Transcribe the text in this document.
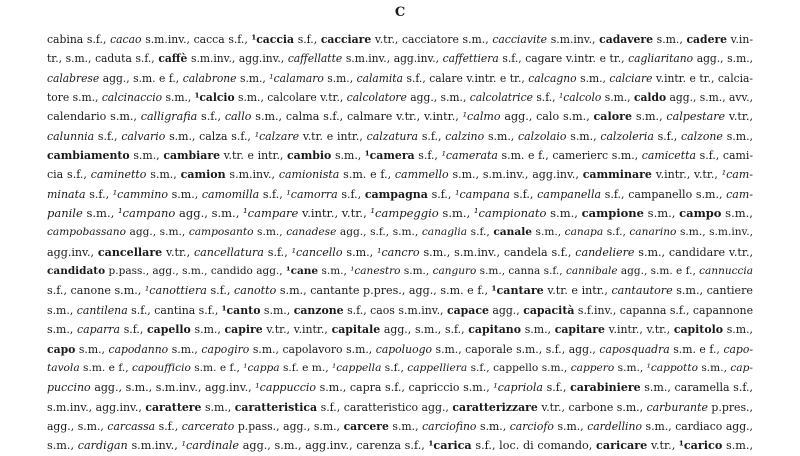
C
cabina s.f., cacao s.m.inv., cacca s.f., ¹caccia s.f., cacciare v.tr., cacciatore s.m., cacciavite s.m.inv., cadavere s.m., cadere v.in-
tr., s.m., caduta s.f., caffè s.m.inv., agg.inv., caffellatte s.m.inv., agg.inv., caffettiera s.f., cagare v.intr. e tr., cagliaritano agg., s.m.,
calabrese agg., s.m. e f., calabrone s.m., ¹calamaro s.m., calamita s.f., calare v.intr. e tr., calcagno s.m., calciare v.intr. e tr., calcia-
tore s.m., calcinaccio s.m., ¹calcio s.m., calcolare v.tr., calcolatore agg., s.m., calcolatrice s.f., ¹calcolo s.m., caldo agg., s.m., avv.,
calendario s.m., calligrafia s.f., callo s.m., calma s.f., calmare v.tr., v.intr., ¹calmo agg., calo s.m., calore s.m., calpestare v.tr.,
calunnia s.f., calvario s.m., calza s.f., ¹calzare v.tr. e intr., calzatura s.f., calzino s.m., calzolaio s.m., calzoleria s.f., calzone s.m.,
cambiamento s.m., cambiare v.tr. e intr., cambio s.m., ¹camera s.f., ¹camerata s.m. e f., camerierc s.m., camicetta s.f., cami-
cia s.f., caminetto s.m., camion s.m.inv., camionista s.m. e f., cammello s.m., s.m.inv., agg.inv., camminare v.intr., v.tr., ¹cam-
minata s.f., ¹cammino s.m., camomilla s.f., ¹camorra s.f., campagna s.f., ¹campana s.f., campanella s.f., campanello s.m., cam-
panile s.m., ¹campano agg., s.m., ¹campare v.intr., v.tr., ¹campeggio s.m., ¹campionato s.m., campione s.m., campo s.m.,
campobassano agg., s.m., camposanto s.m., canadese agg., s.f., s.m., canaglia s.f., canale s.m., canapa s.f., canarino s.m., s.m.inv.,
agg.inv., cancellare v.tr., cancellatura s.f., ¹cancello s.m., ¹cancro s.m., s.m.inv., candela s.f., candeliere s.m., candidare v.tr.,
candidato p.pass., agg., s.m., candido agg., ¹cane s.m., ¹canestro s.m., canguro s.m., canna s.f., cannibale agg., s.m. e f., cannuccia
s.f., canone s.m., ¹canottiera s.f., canotto s.m., cantante p.pres., agg., s.m. e f., ¹cantare v.tr. e intr., cantautore s.m., cantiere
s.m., cantilena s.f., cantina s.f., ¹canto s.m., canzone s.f., caos s.m.inv., capace agg., capacità s.f.inv., capanna s.f., capannone
s.m., caparra s.f., capello s.m., capire v.tr., v.intr., capitale agg., s.m., s.f., capitano s.m., capitare v.intr., v.tr., capitolo s.m.,
capo s.m., capodanno s.m., capogiro s.m., capolavoro s.m., capoluogo s.m., caporale s.m., s.f., agg., caposquadra s.m. e f., capo-
tavola s.m. e f., capoufficio s.m. e f., ¹cappa s.f. e m., ¹cappella s.f., cappelliera s.f., cappello s.m., cappero s.m., ¹cappotto s.m., cap-
puccino agg., s.m., s.m.inv., agg.inv., ¹cappuccio s.m., capra s.f., capriccio s.m., ¹capriola s.f., carabiniere s.m., caramella s.f.,
s.m.inv., agg.inv., carattere s.m., caratteristica s.f., caratteristico agg., caratterizzare v.tr., carbone s.m., carburante p.pres.,
agg., s.m., carcassa s.f., carcerato p.pass., agg., s.m., carcere s.m., carciofino s.m., carciofo s.m., cardellino s.m., cardiaco agg.,
s.m., cardigan s.m.inv., ¹cardinale agg., s.m., agg.inv., carenza s.f., ¹carica s.f., loc. di comando, caricare v.tr., ¹carico s.m.,
